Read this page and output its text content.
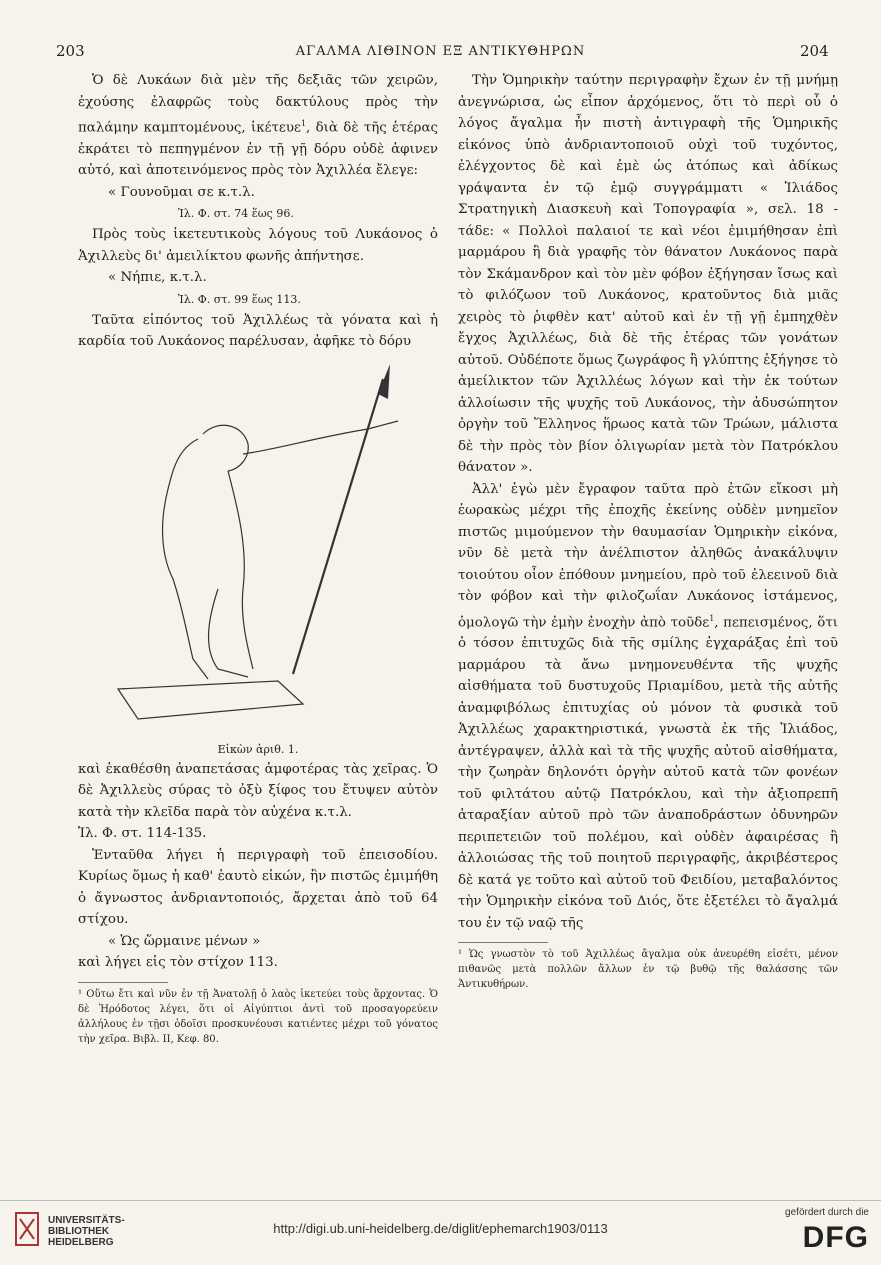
203	ΑΓΑΛΜΑ ΛΙΘΙΝΟΝ ΕΞ ΑΝΤΙΚΥΘΗΡΩΝ	204

Ὁ δὲ Λυκάων διὰ μὲν τῆς δεξιᾶς τῶν χειρῶν, ἐχούσης ἐλαφρῶς τοὺς δακτύλους πρὸς τὴν παλάμην καμπτομένους, ἱκέτευε$^1$, διὰ δὲ τῆς ἑτέρας ἐκράτει τὸ πεπηγμένον ἐν τῇ γῇ δόρυ οὐδὲ ἀφινεν αὐτό, καὶ ἀποτεινόμενος πρὸς τὸν Ἀχιλλέα ἔλεγε:

« Γουνοῦμαι σε κ.τ.λ.

Ἰλ. Φ. στ. 74 ἕως 96.

Πρὸς τοὺς ἱκετευτικοὺς λόγους τοῦ Λυκάονος ὁ Ἀχιλλεὺς δι' ἀμειλίκτου φωνῆς ἀπήντησε.

« Νήπιε, κ.τ.λ.

Ἰλ. Φ. στ. 99 ἕως 113.

Ταῦτα εἰπόντος τοῦ Ἀχιλλέως τὰ γόνατα καὶ ἡ καρδία τοῦ Λυκάονος παρέλυσαν, ἀφῆκε τὸ δόρυ

Εἰκὼν ἀριθ. 1.

καὶ ἐκαθέσθη ἀναπετάσας ἀμφοτέρας τὰς χεῖρας. Ὁ δὲ Ἀχιλλεὺς σύρας τὸ ὀξὺ ξίφος του ἔτυψεν αὐτὸν κατὰ τὴν κλεῖδα παρὰ τὸν αὐχένα κ.τ.λ.

Ἰλ. Φ. στ. 114-135.

Ἐνταῦθα λήγει ἡ περιγραφὴ τοῦ ἐπεισοδίου. Κυρίως ὅμως ἡ καθ' ἑαυτὸ εἰκών, ἣν πιστῶς ἐμιμήθη ὁ ἄγνωστος ἀνδριαντοποιός, ἄρχεται ἀπὸ τοῦ 64 στίχου.

« Ὡς ὥρμαινε μένων »

καὶ λήγει εἰς τὸν στίχον 113.

¹ Οὕτω ἔτι καὶ νῦν ἐν τῇ Ἀνατολῇ ὁ λαὸς ἱκετεύει τοὺς ἄρχοντας. Ὁ δὲ Ἡρόδοτος λέγει, ὅτι οἱ Αἰγύπτιοι ἀντὶ τοῦ προσαγορεύειν ἀλλήλους ἐν τῇσι ὁδοῖσι προσκυνέουσι κατιέντες μέχρι τοῦ γόνατος τὴν χεῖρα. Βιβλ. ΙΙ, Κεφ. 80.

Τὴν Ὁμηρικὴν ταύτην περιγραφὴν ἔχων ἐν τῇ μνήμῃ ἀνεγνώρισα, ὡς εἶπον ἀρχόμενος, ὅτι τὸ περὶ οὗ ὁ λόγος ἄγαλμα ἦν πιστὴ ἀντιγραφὴ τῆς Ὁμηρικῆς εἰκόνος ὑπὸ ἀνδριαντοποιοῦ οὐχὶ τοῦ τυχόντος, ἐλέγχοντος δὲ καὶ ἐμὲ ὡς ἀτόπως καὶ ἀδίκως γράψαντα ἐν τῷ ἐμῷ συγγράμματι « Ἰλιάδος Στρατηγικὴ Διασκευὴ καὶ Τοπογραφία », σελ. 18 - τάδε: « Πολλοὶ παλαιοί τε καὶ νέοι ἐμιμήθησαν ἐπὶ μαρμάρου ἢ διὰ γραφῆς τὸν θάνατον Λυκάονος παρὰ τὸν Σκάμανδρον καὶ τὸν μὲν φόβον ἐξήγησαν ἴσως καὶ τὸ φιλόζωον τοῦ Λυκάονος, κρατοῦντος διὰ μιᾶς χειρὸς τὸ ῥιφθὲν κατ' αὐτοῦ καὶ ἐν τῇ γῇ ἐμπηχθὲν ἔγχος Ἀχιλλέως, διὰ δὲ τῆς ἑτέρας τῶν γονάτων αὐτοῦ. Οὐδέποτε ὅμως ζωγράφος ἢ γλύπτης ἐξήγησε τὸ ἀμείλικτον τῶν Ἀχιλλέως λόγων καὶ τὴν ἐκ τούτων ἀλλοίωσιν τῆς ψυχῆς τοῦ Λυκάονος, τὴν ἀδυσώπητον ὀργὴν τοῦ Ἕλληνος ἥρωος κατὰ τῶν Τρώων, μάλιστα δὲ τὴν πρὸς τὸν βίον ὀλιγωρίαν μετὰ τὸν Πατρόκλου θάνατον ».

Ἀλλ' ἐγὼ μὲν ἔγραφον ταῦτα πρὸ ἐτῶν εἴκοσι μὴ ἑωρακὼς μέχρι τῆς ἐποχῆς ἐκείνης οὐδὲν μνημεῖον πιστῶς μιμούμενον τὴν θαυμασίαν Ὁμηρικὴν εἰκόνα, νῦν δὲ μετὰ τὴν ἀνέλπιστον ἀληθῶς ἀνακάλυψιν τοιούτου οἷον ἐπόθουν μνημείου, πρὸ τοῦ ἐλεεινοῦ διὰ τὸν φόβον καὶ τὴν φιλοζωΐαν Λυκάονος ἱστάμενος, ὁμολογῶ τὴν ἐμὴν ἐνοχὴν ἀπὸ τοῦδε$^1$, πεπεισμένος, ὅτι ὁ τόσον ἐπιτυχῶς διὰ τῆς σμίλης ἐγχαράξας ἐπὶ τοῦ μαρμάρου τὰ ἄνω μνημονευθέντα τῆς ψυχῆς αἰσθήματα τοῦ δυστυχοῦς Πριαμίδου, μετὰ τῆς αὐτῆς ἀναμφιβόλως ἐπιτυχίας οὐ μόνον τὰ φυσικὰ τοῦ Ἀχιλλέως χαρακτηριστικά, γνωστὰ ἐκ τῆς Ἰλιάδος, ἀντέγραψεν, ἀλλὰ καὶ τὰ τῆς ψυχῆς αὐτοῦ αἰσθήματα, τὴν ζωηρὰν δηλονότι ὀργὴν αὐτοῦ κατὰ τῶν φονέων τοῦ φιλτάτου αὐτῷ Πατρόκλου, καὶ τὴν ἀξιοπρεπῆ ἀταραξίαν αὐτοῦ πρὸ τῶν ἀναποδράστων ὀδυνηρῶν περιπετειῶν τοῦ πολέμου, καὶ οὐδὲν ἀφαιρέσας ἢ ἀλλοιώσας τῆς τοῦ ποιητοῦ περιγραφῆς, ἀκριβέστερος δὲ κατά γε τοῦτο καὶ αὐτοῦ τοῦ Φειδίου, μεταβαλόντος τὴν Ὁμηρικὴν εἰκόνα τοῦ Διός, ὅτε ἐξετέλει τὸ ἄγαλμά του ἐν τῷ ναῷ τῆς

¹ Ὡς γνωστὸν τὸ τοῦ Ἀχιλλέως ἄγαλμα οὐκ ἀνευρέθη εἰσέτι, μένον πιθανῶς μετὰ πολλῶν ἄλλων ἐν τῷ βυθῷ τῆς θαλάσσης τῶν Ἀντικυθήρων.

UNIVERSITÄTS-
BIBLIOTHEK
HEIDELBERG
http://digi.ub.uni-heidelberg.de/diglit/ephemarch1903/0113
gefördert durch die
DFG
